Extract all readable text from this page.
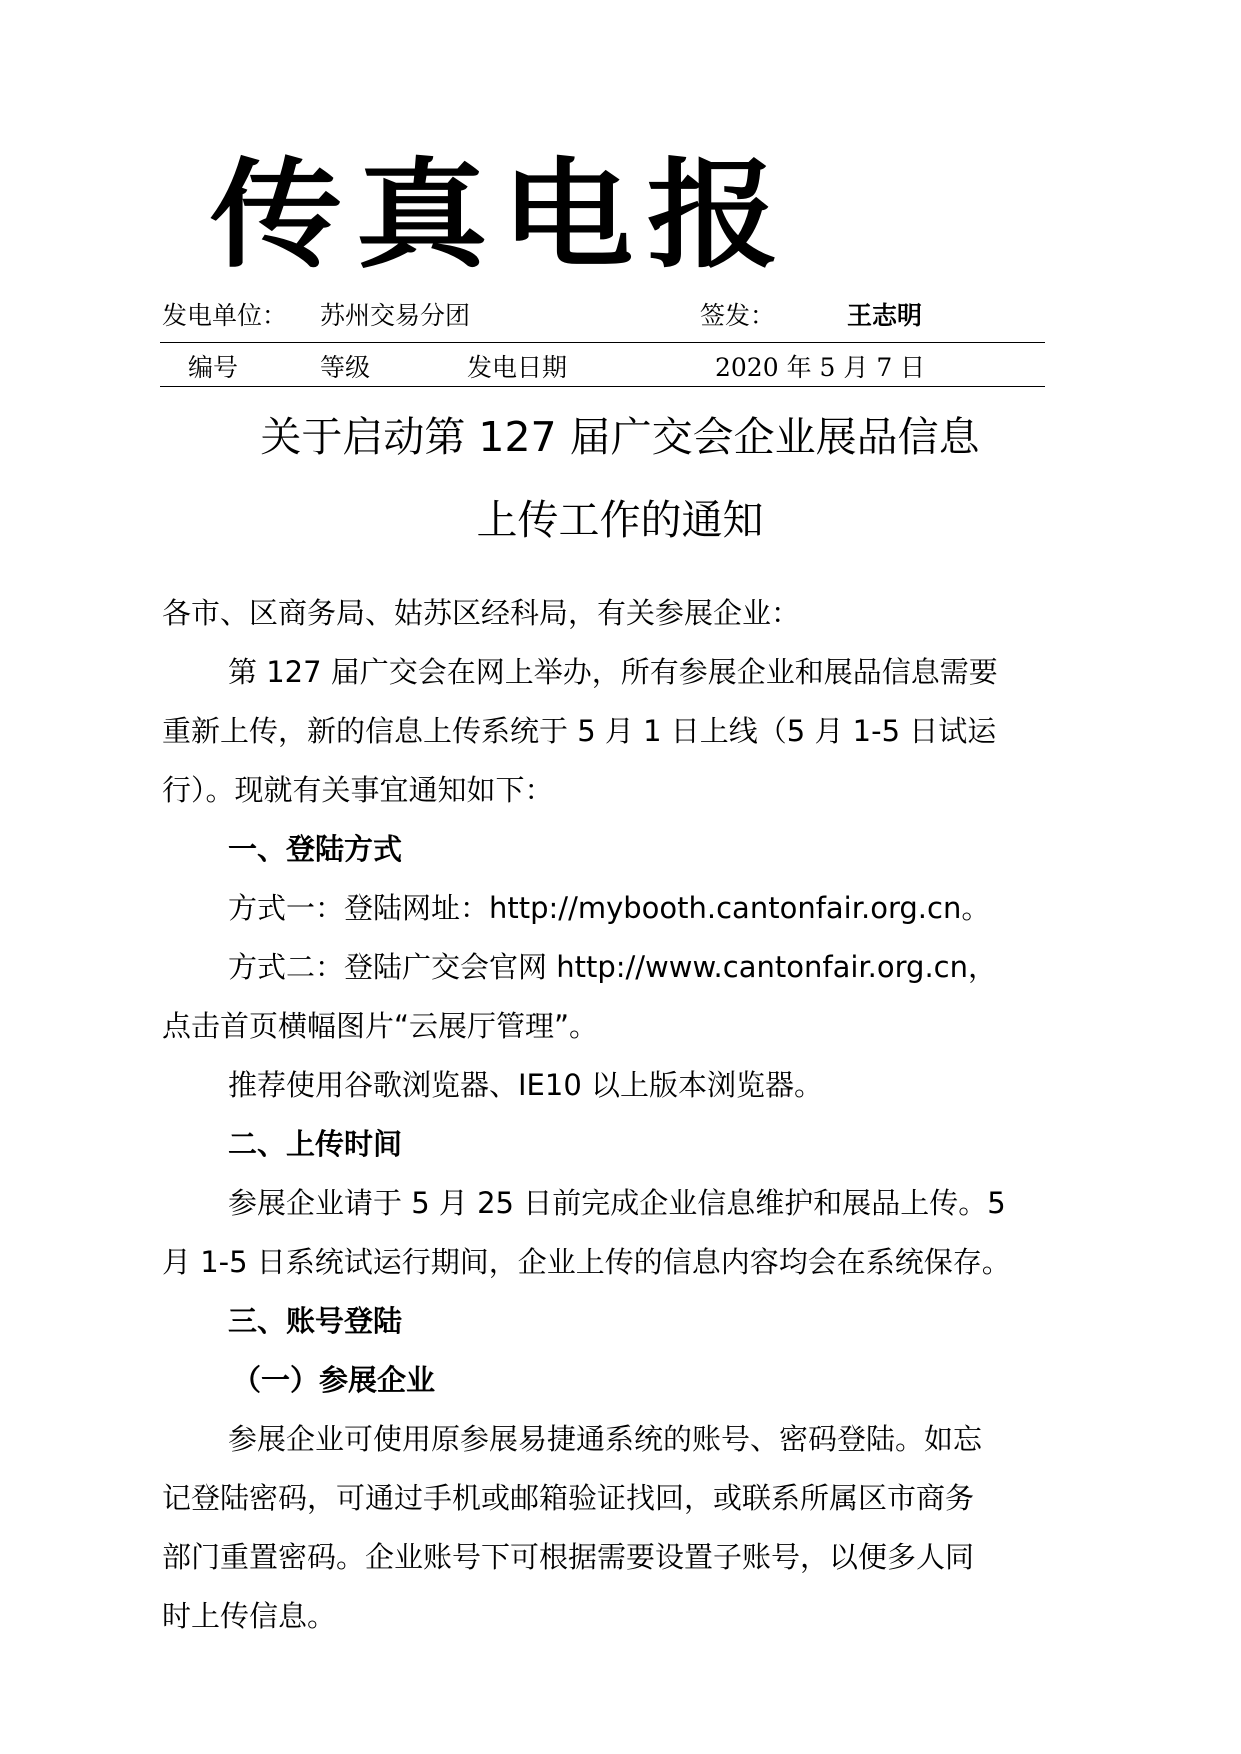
传真电报
发电单位： 苏州交易分团	签发：	王志明
编号	等级	发电日期	2020 年 5 月 7 日
关于启动第 127 届广交会企业展品信息
上传工作的通知

各市、区商务局、姑苏区经科局，有关参展企业：

第 127 届广交会在网上举办，所有参展企业和展品信息需要

重新上传，新的信息上传系统于 5 月 1 日上线（5 月 1-5 日试运

行）。现就有关事宜通知如下：

一、登陆方式

方式一：登陆网址：http://mybooth.cantonfair.org.cn。

方式二：登陆广交会官网 http://www.cantonfair.org.cn，

点击首页横幅图片“云展厅管理”。

推荐使用谷歌浏览器、IE10 以上版本浏览器。

二、上传时间

参展企业请于 5 月 25 日前完成企业信息维护和展品上传。5

月 1-5 日系统试运行期间，企业上传的信息内容均会在系统保存。

三、账号登陆

（一）参展企业

参展企业可使用原参展易捷通系统的账号、密码登陆。如忘

记登陆密码，可通过手机或邮箱验证找回，或联系所属区市商务

部门重置密码。企业账号下可根据需要设置子账号，以便多人同

时上传信息。
